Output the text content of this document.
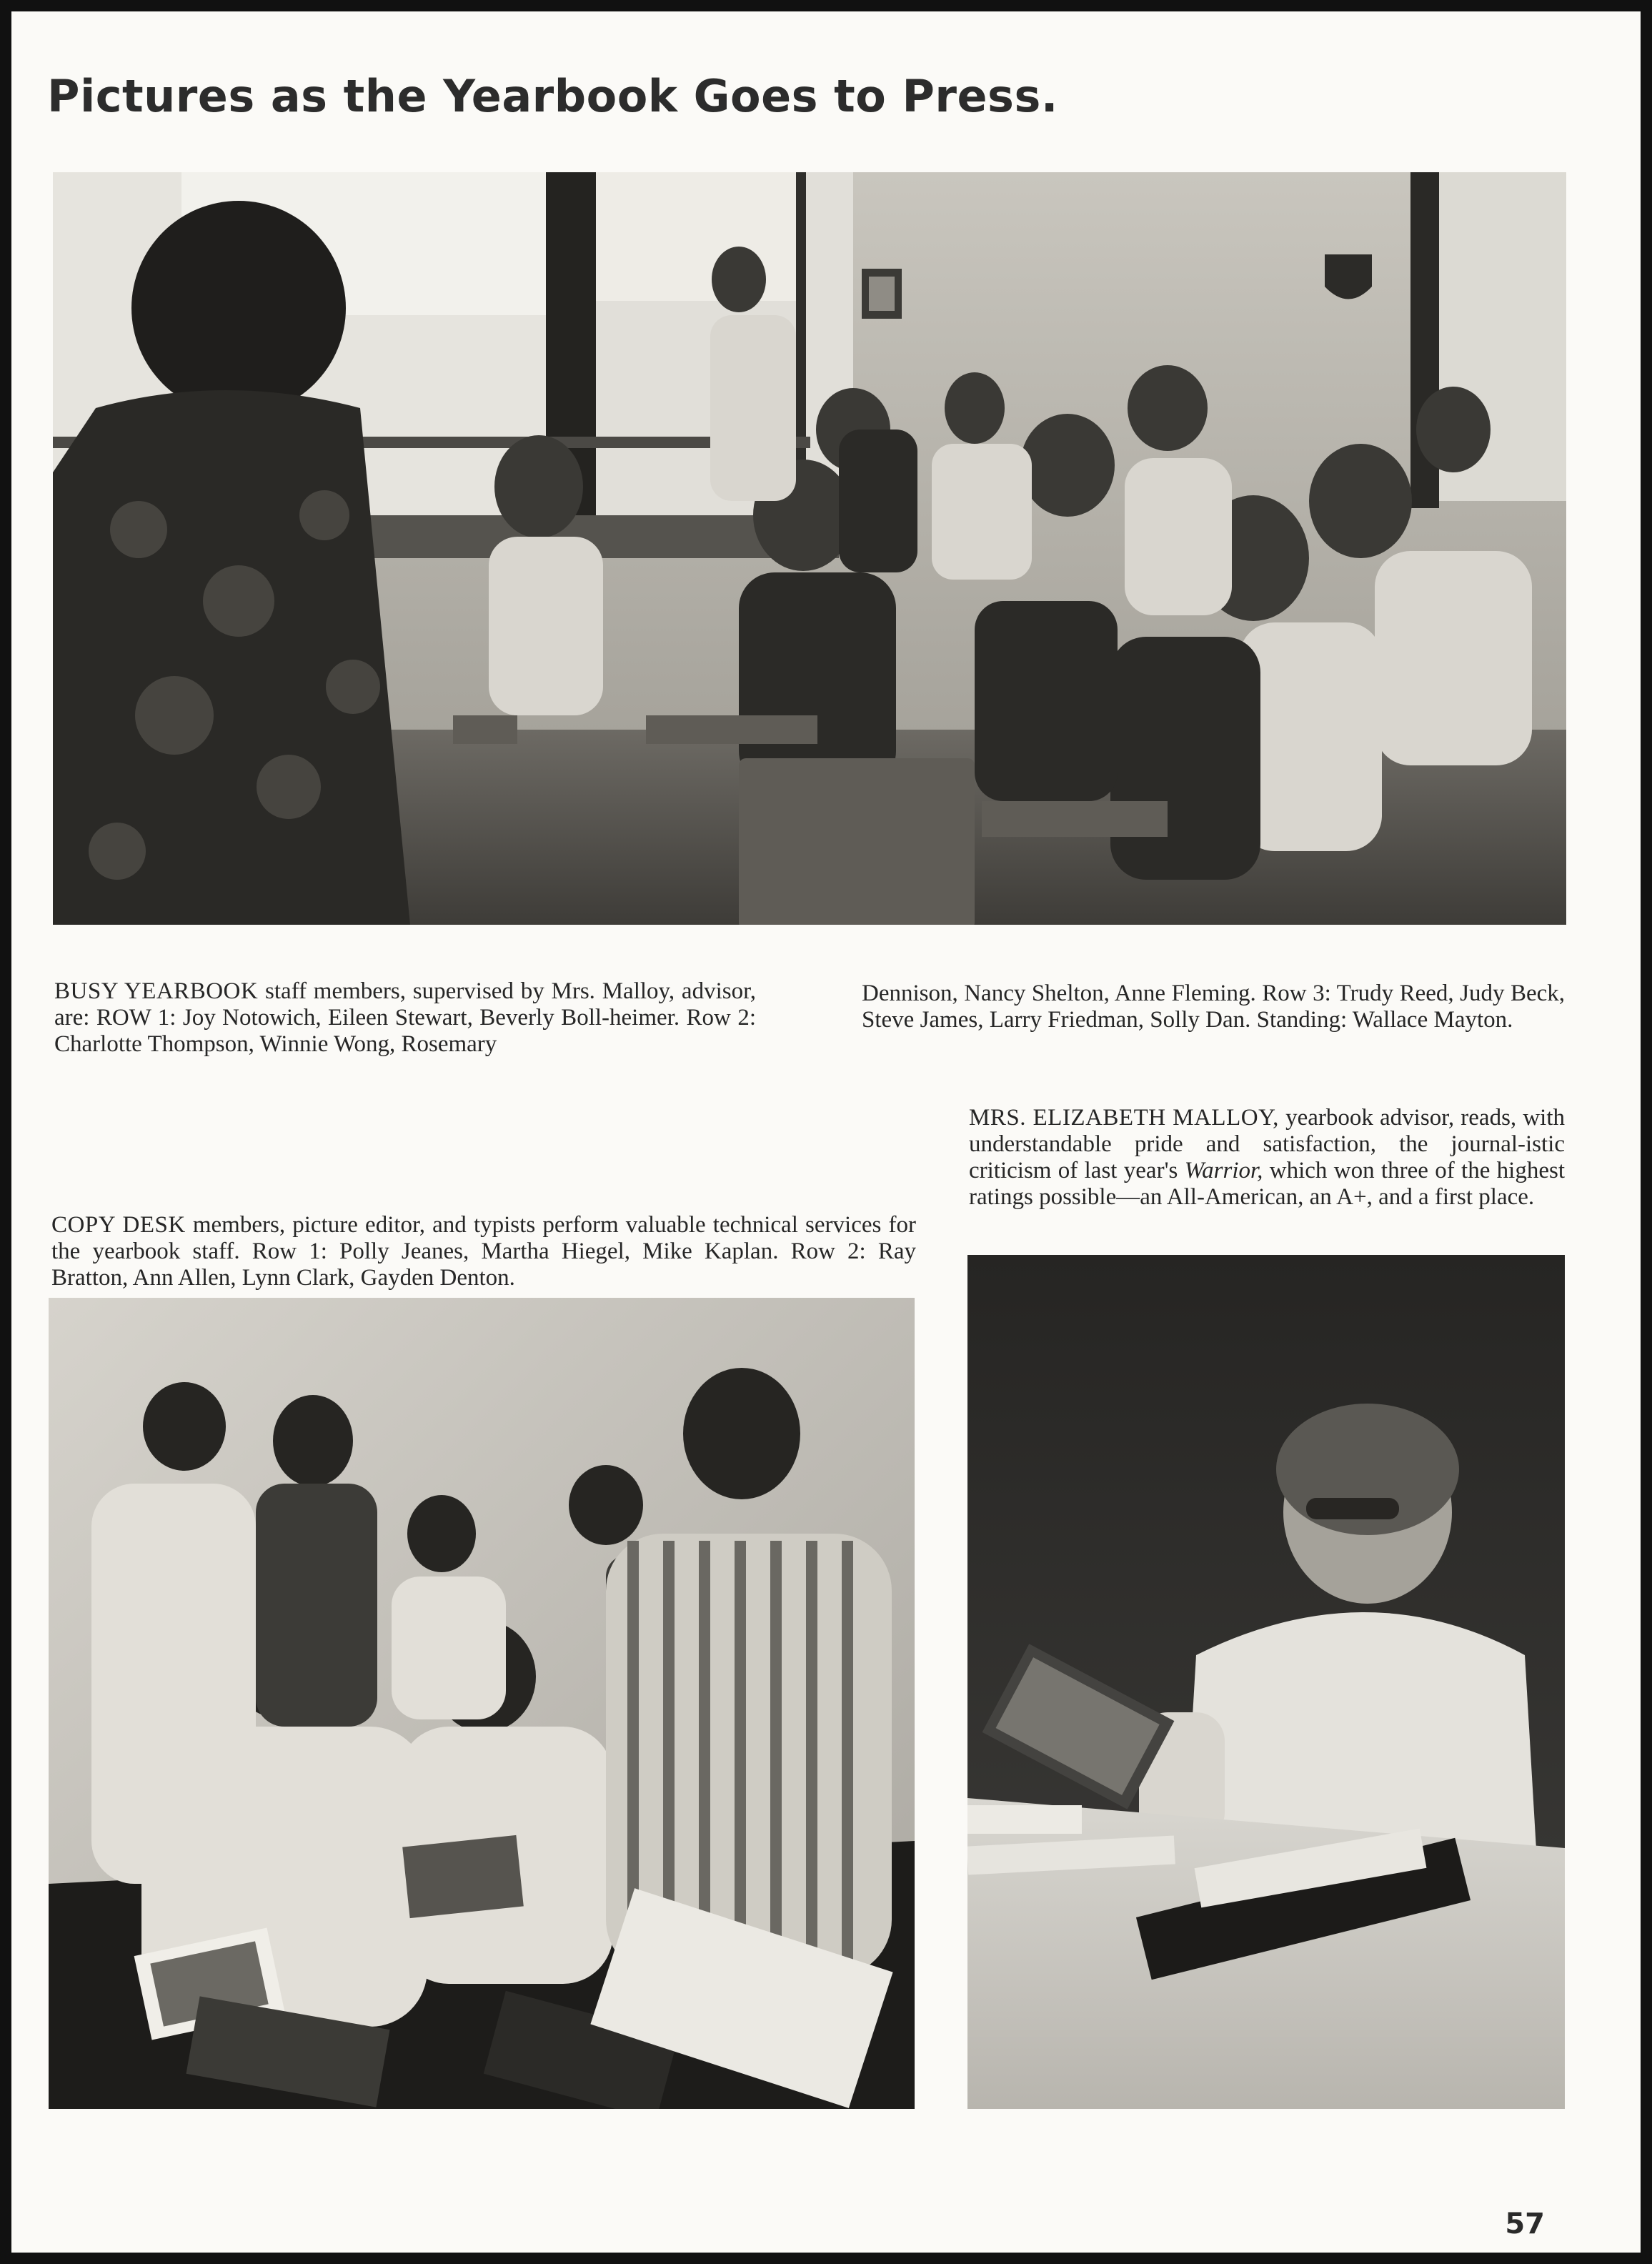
Pictures as the Yearbook Goes to Press.

BUSY YEARBOOK staff members, supervised by Mrs. Malloy, advisor, are: ROW 1: Joy Notowich, Eileen Stewart, Beverly Boll-heimer. Row 2: Charlotte Thompson, Winnie Wong, Rosemary

Dennison, Nancy Shelton, Anne Fleming. Row 3: Trudy Reed, Judy Beck, Steve James, Larry Friedman, Solly Dan. Standing: Wallace Mayton.

MRS. ELIZABETH MALLOY, yearbook advisor, reads, with understandable pride and satisfaction, the journal-istic criticism of last year's Warrior, which won three of the highest ratings possible—an All-American, an A+, and a first place.

COPY DESK members, picture editor, and typists perform valuable technical services for the yearbook staff. Row 1: Polly Jeanes, Martha Hiegel, Mike Kaplan. Row 2: Ray Bratton, Ann Allen, Lynn Clark, Gayden Denton.

57
